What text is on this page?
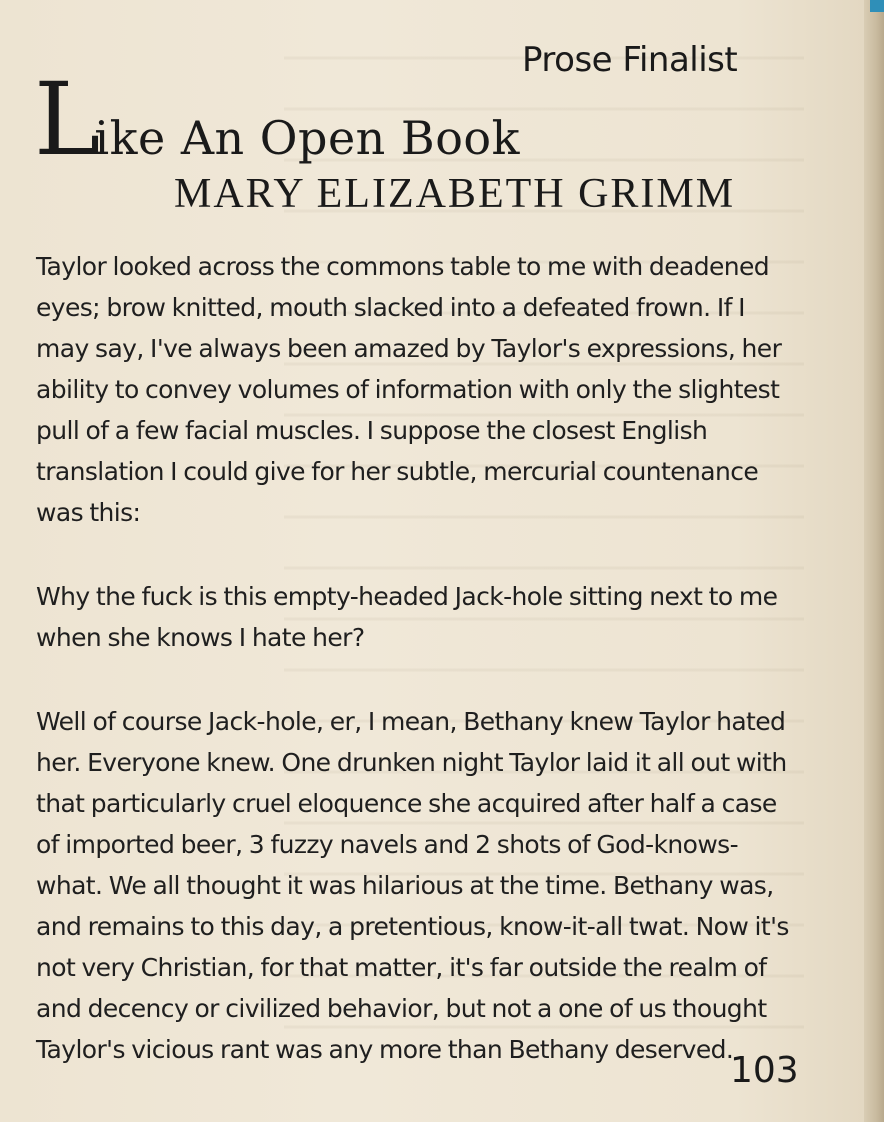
Prose Finalist
Like An Open Book
MARY ELIZABETH GRIMM

Taylor looked across the commons table to me with deadened eyes; brow knitted, mouth slacked into a defeated frown. If I may say, I've always been amazed by Taylor's expressions, her ability to convey volumes of information with only the slightest pull of a few facial muscles. I suppose the closest English translation I could give for her subtle, mercurial countenance was this:

Why the fuck is this empty-headed Jack-hole sitting next to me when she knows I hate her?

Well of course Jack-hole, er, I mean, Bethany knew Taylor hated her. Everyone knew. One drunken night Taylor laid it all out with that particularly cruel eloquence she acquired after half a case of imported beer, 3 fuzzy navels and 2 shots of God-knows-what. We all thought it was hilarious at the time. Bethany was, and remains to this day, a pretentious, know-it-all twat. Now it's not very Christian, for that matter, it's far outside the realm of and decency or civilized behavior, but not a one of us thought Taylor's vicious rant was any more than Bethany deserved.

103
